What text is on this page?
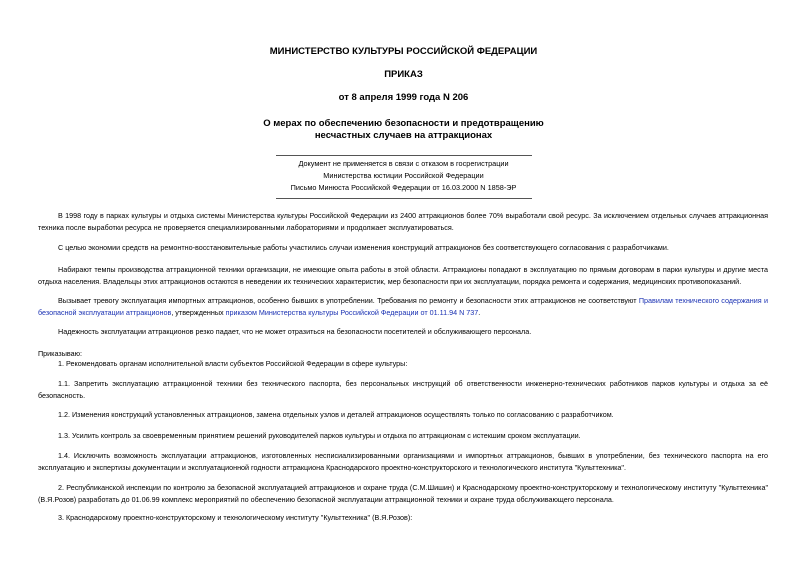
МИНИСТЕРСТВО КУЛЬТУРЫ РОССИЙСКОЙ ФЕДЕРАЦИИ
ПРИКАЗ
от 8 апреля 1999 года N 206
О мерах по обеспечению безопасности и предотвращению
несчастных случаев на аттракционах
Документ не применяется в связи с отказом в госрегистрации
Министерства юстиции Российской Федерации
Письмо Минюста Российской Федерации от 16.03.2000 N 1858-ЭР
В 1998 году в парках культуры и отдыха системы Министерства культуры Российской Федерации из 2400 аттракционов более 70% выработали свой ресурс. За исключением отдельных случаев аттракционная техника после выработки ресурса не проверяется специализированными лабораториями и продолжает эксплуатироваться.
С целью экономии средств на ремонтно-восстановительные работы участились случаи изменения конструкций аттракционов без соответствующего согласования с разработчиками.
Набирают темпы производства аттракционной техники организации, не имеющие опыта работы в этой области. Аттракционы попадают в эксплуатацию по прямым договорам в парки культуры и другие места отдыха населения. Владельцы этих аттракционов остаются в неведении их технических характеристик, мер безопасности при их эксплуатации, порядка ремонта и содержания, медицинских противопоказаний.
Вызывает тревогу эксплуатация импортных аттракционов, особенно бывших в употреблении. Требования по ремонту и безопасности этих аттракционов не соответствуют Правилам технического содержания и безопасной эксплуатации аттракционов, утвержденных приказом Министерства культуры Российской Федерации от 01.11.94 N 737.
Надежность эксплуатации аттракционов резко падает, что не может отразиться на безопасности посетителей и обслуживающего персонала.
Приказываю:
1. Рекомендовать органам исполнительной власти субъектов Российской Федерации в сфере культуры:
1.1. Запретить эксплуатацию аттракционной техники без технического паспорта, без персональных инструкций об ответственности инженерно-технических работников парков культуры и отдыха за её безопасность.
1.2. Изменения конструкций установленных аттракционов, замена отдельных узлов и деталей аттракционов осуществлять только по согласованию с разработчиком.
1.3. Усилить контроль за своевременным принятием решений руководителей парков культуры и отдыха по аттракционам с истекшим сроком эксплуатации.
1.4. Исключить возможность эксплуатации аттракционов, изготовленных несписиализированными организациями и импортных аттракционов, бывших в употреблении, без технического паспорта на его эксплуатацию и экспертизы документации и эксплуатационной годности аттракциона Краснодарского проектно-конструкторского и технологического института "Культтехника".
2. Республиканской инспекции по контролю за безопасной эксплуатацией аттракционов и охране труда (С.М.Шишин) и Краснодарскому проектно-конструкторскому и технологическому институту "Культтехника" (В.Я.Розов) разработать до 01.06.99 комплекс мероприятий по обеспечению безопасной эксплуатации аттракционной техники и охране труда обслуживающего персонала.
3. Краснодарскому проектно-конструкторскому и технологическому институту "Культтехника" (В.Я.Розов):
